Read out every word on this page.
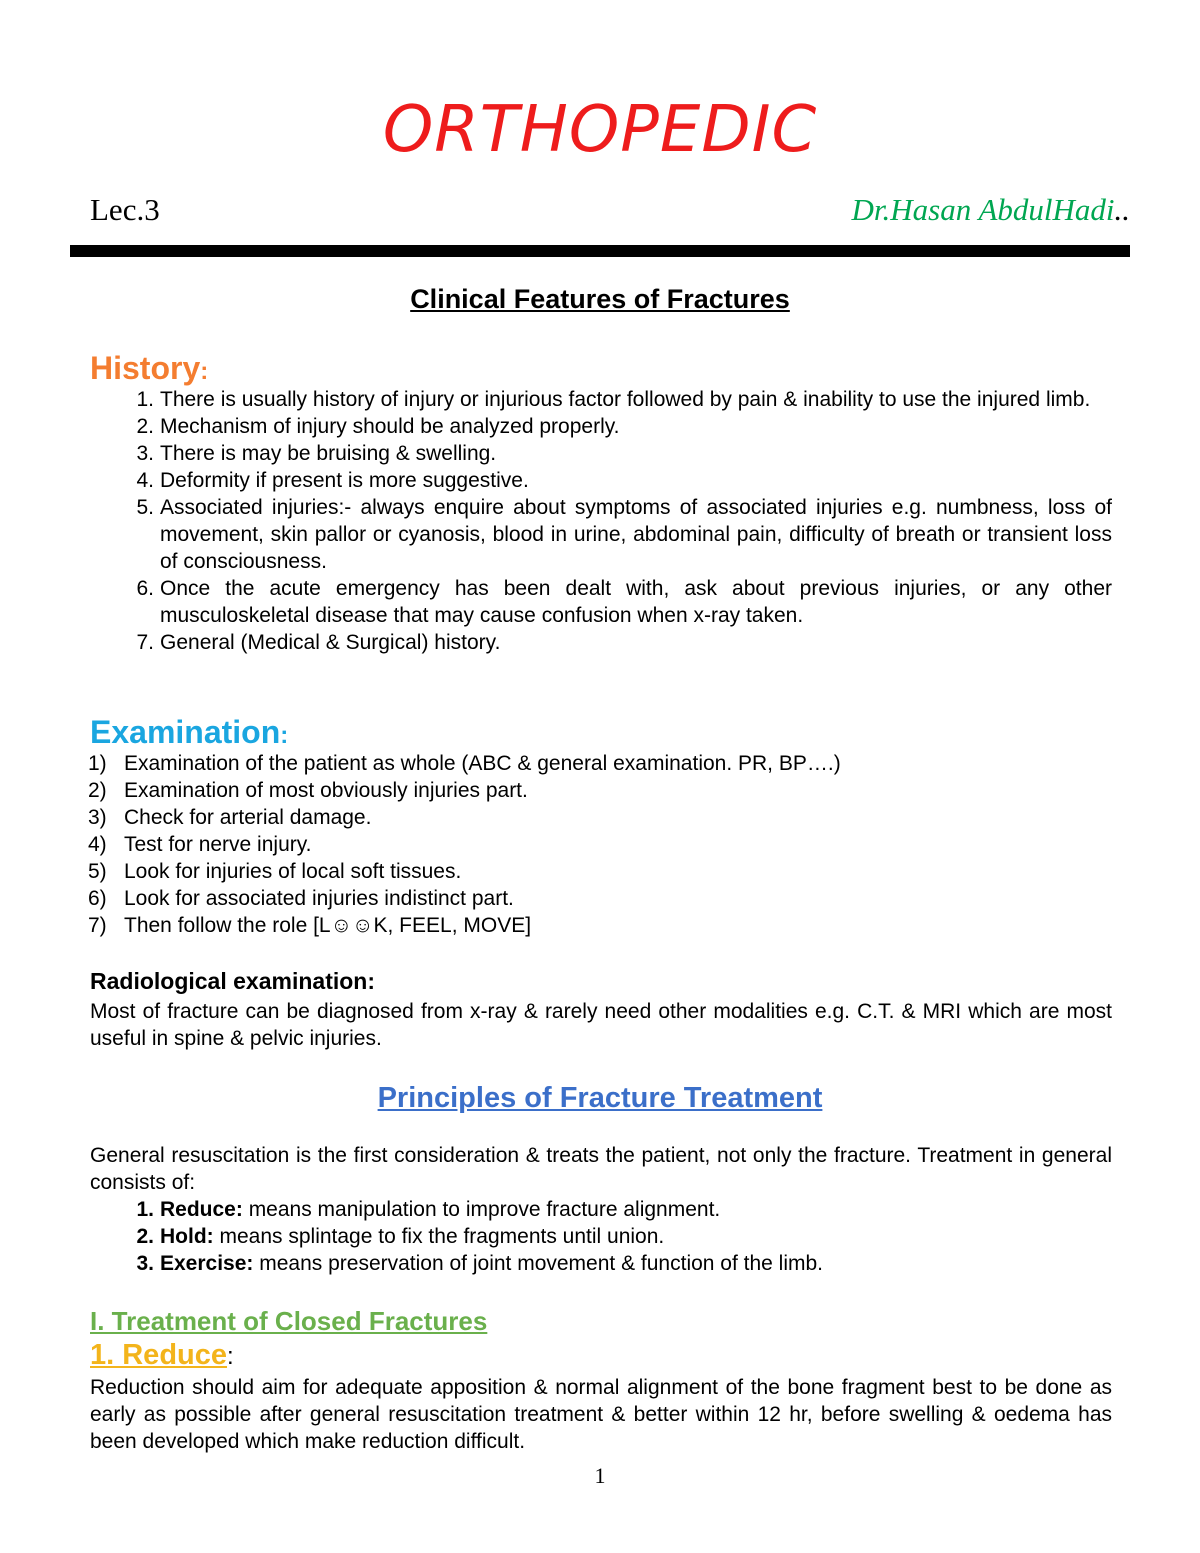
ORTHOPEDIC
Lec.3	Dr.Hasan AbdulHadi..
Clinical Features of Fractures
History:
1. There is usually history of injury or injurious factor followed by pain & inability to use the injured limb.
2. Mechanism of injury should be analyzed properly.
3. There is may be bruising & swelling.
4. Deformity if present is more suggestive.
5. Associated injuries:- always enquire about symptoms of associated injuries e.g. numbness, loss of movement, skin pallor or cyanosis, blood in urine, abdominal pain, difficulty of breath or transient loss of consciousness.
6. Once the acute emergency has been dealt with, ask about previous injuries, or any other musculoskeletal disease that may cause confusion when x-ray taken.
7. General (Medical & Surgical) history.
Examination:
1) Examination of the patient as whole (ABC & general examination. PR, BP….)
2) Examination of most obviously injuries part.
3) Check for arterial damage.
4) Test for nerve injury.
5) Look for injuries of local soft tissues.
6) Look for associated injuries indistinct part.
7) Then follow the role [L☺☺K, FEEL, MOVE]
Radiological examination:
Most of fracture can be diagnosed from x-ray & rarely need other modalities e.g. C.T. & MRI which are most useful in spine & pelvic injuries.
Principles of Fracture Treatment
General resuscitation is the first consideration & treats the patient, not only the fracture. Treatment in general consists of:
1. Reduce: means manipulation to improve fracture alignment.
2. Hold: means splintage to fix the fragments until union.
3. Exercise: means preservation of joint movement & function of the limb.
I. Treatment of Closed Fractures
1. Reduce:
Reduction should aim for adequate apposition & normal alignment of the bone fragment best to be done as early as possible after general resuscitation treatment & better within 12 hr, before swelling & oedema has been developed which make reduction difficult.
1
